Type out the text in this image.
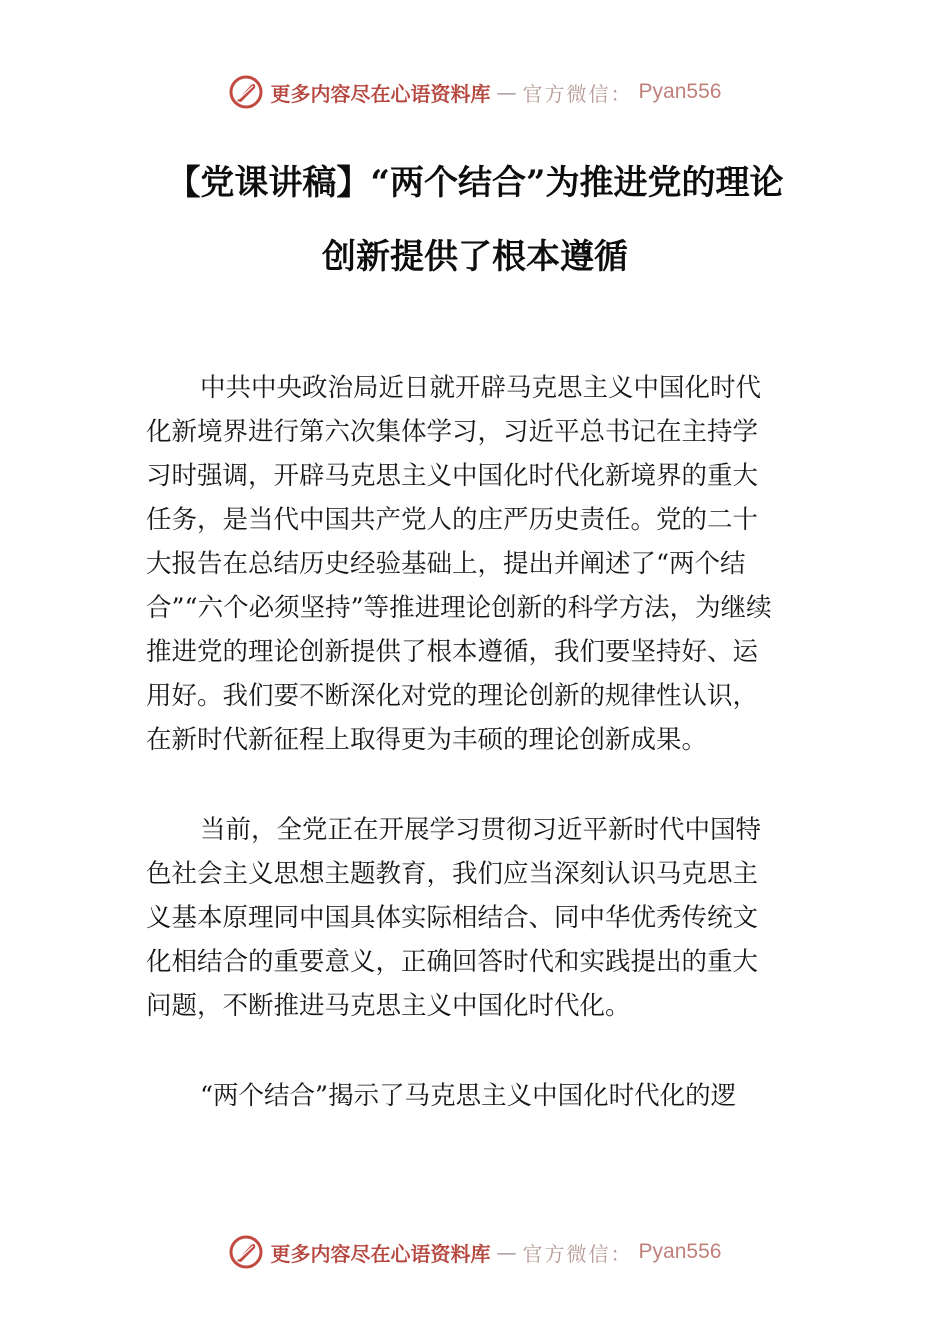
更多内容尽在心语资料库 — 官方微信： Pyan556
【党课讲稿】“两个结合”为推进党的理论
创新提供了根本遵循
中共中央政治局近日就开辟马克思主义中国化时代
化新境界进行第六次集体学习，习近平总书记在主持学
习时强调，开辟马克思主义中国化时代化新境界的重大
任务，是当代中国共产党人的庄严历史责任。党的二十
大报告在总结历史经验基础上，提出并阐述了“两个结
合”“六个必须坚持”等推进理论创新的科学方法，为继续
推进党的理论创新提供了根本遵循，我们要坚持好、运
用好。我们要不断深化对党的理论创新的规律性认识，
在新时代新征程上取得更为丰硕的理论创新成果。
当前，全党正在开展学习贯彻习近平新时代中国特
色社会主义思想主题教育，我们应当深刻认识马克思主
义基本原理同中国具体实际相结合、同中华优秀传统文
化相结合的重要意义，正确回答时代和实践提出的重大
问题，不断推进马克思主义中国化时代化。
“两个结合”揭示了马克思主义中国化时代化的逻
更多内容尽在心语资料库 — 官方微信： Pyan556
